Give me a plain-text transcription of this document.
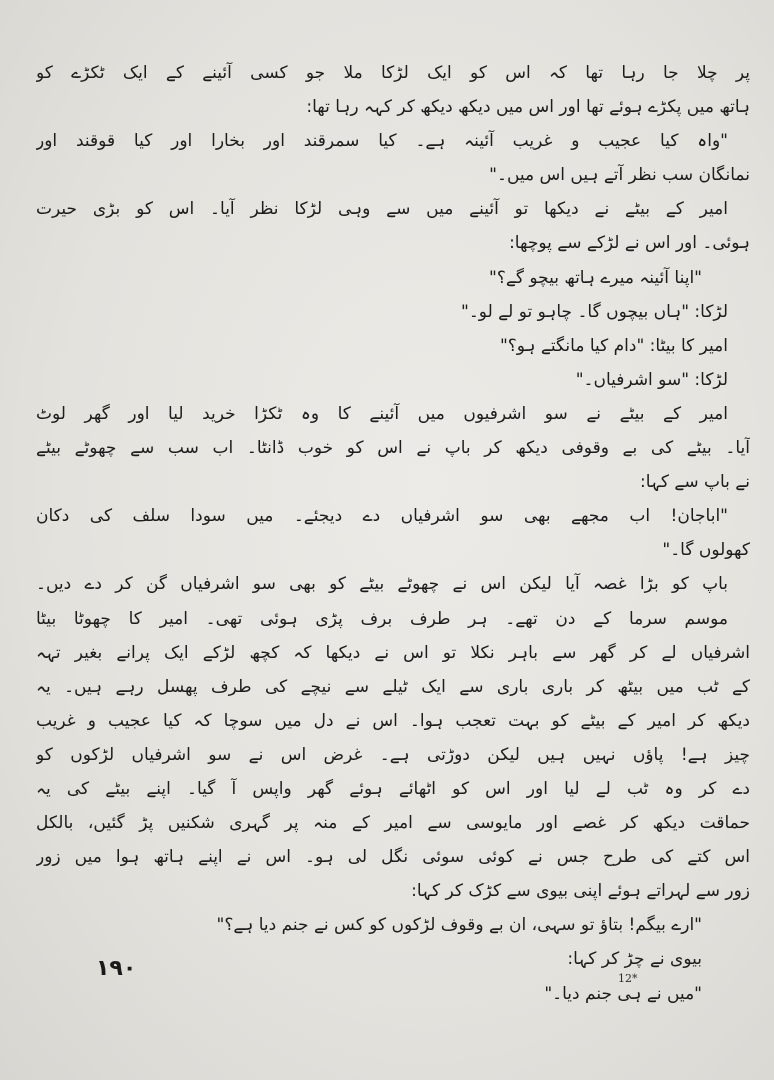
پر چلا جا رہا تھا کہ اس کو ایک لڑکا ملا جو کسی آئینے کے ایک ٹکڑے کو
ہاتھ میں پکڑے ہوئے تھا اور اس میں دیکھ دیکھ کر کہہ رہا تھا:
"واہ کیا عجیب و غریب آئینہ ہے۔ کیا سمرقند اور بخارا اور کیا قوقند اور
نمانگان سب نظر آتے ہیں اس میں۔"
امیر کے بیٹے نے دیکھا تو آئینے میں سے وہی لڑکا نظر آیا۔ اس کو بڑی حیرت
ہوئی۔ اور اس نے لڑکے سے پوچھا:
"اپنا آئینہ میرے ہاتھ بیچو گے؟"
لڑکا: "ہاں بیچوں گا۔ چاہو تو لے لو۔"
امیر کا بیٹا: "دام کیا مانگتے ہو؟"
لڑکا: "سو اشرفیاں۔"
امیر کے بیٹے نے سو اشرفیوں میں آئینے کا وہ ٹکڑا خرید لیا اور گھر لوٹ
آیا۔ بیٹے کی بے وقوفی دیکھ کر باپ نے اس کو خوب ڈانٹا۔ اب سب سے چھوٹے بیٹے
نے باپ سے کہا:
"اباجان! اب مجھے بھی سو اشرفیاں دے دیجئے۔ میں سودا سلف کی دکان
کھولوں گا۔"
باپ کو بڑا غصہ آیا لیکن اس نے چھوٹے بیٹے کو بھی سو اشرفیاں گن کر دے دیں۔
موسم سرما کے دن تھے۔ ہر طرف برف پڑی ہوئی تھی۔ امیر کا چھوٹا بیٹا
اشرفیاں لے کر گھر سے باہر نکلا تو اس نے دیکھا کہ کچھ لڑکے ایک پرانے بغیر تہہ
کے ٹب میں بیٹھ کر باری باری سے ایک ٹیلے سے نیچے کی طرف پھسل رہے ہیں۔ یہ
دیکھ کر امیر کے بیٹے کو بہت تعجب ہوا۔ اس نے دل میں سوچا کہ کیا عجیب و غریب
چیز ہے! پاؤں نہیں ہیں لیکن دوڑتی ہے۔ غرض اس نے سو اشرفیاں لڑکوں کو
دے کر وہ ٹب لے لیا اور اس کو اٹھائے ہوئے گھر واپس آ گیا۔ اپنے بیٹے کی یہ
حماقت دیکھ کر غصے اور مایوسی سے امیر کے منہ پر گہری شکنیں پڑ گئیں، بالکل
اس کتے کی طرح جس نے کوئی سوئی نگل لی ہو۔ اس نے اپنے ہاتھ ہوا میں زور
زور سے لہراتے ہوئے اپنی بیوی سے کڑک کر کہا:
"ارے بیگم! بتاؤ تو سہی، ان بے وقوف لڑکوں کو کس نے جنم دیا ہے؟"
بیوی نے چڑ کر کہا:
"میں نے ہی جنم دیا۔"
۱۹۰	12*
